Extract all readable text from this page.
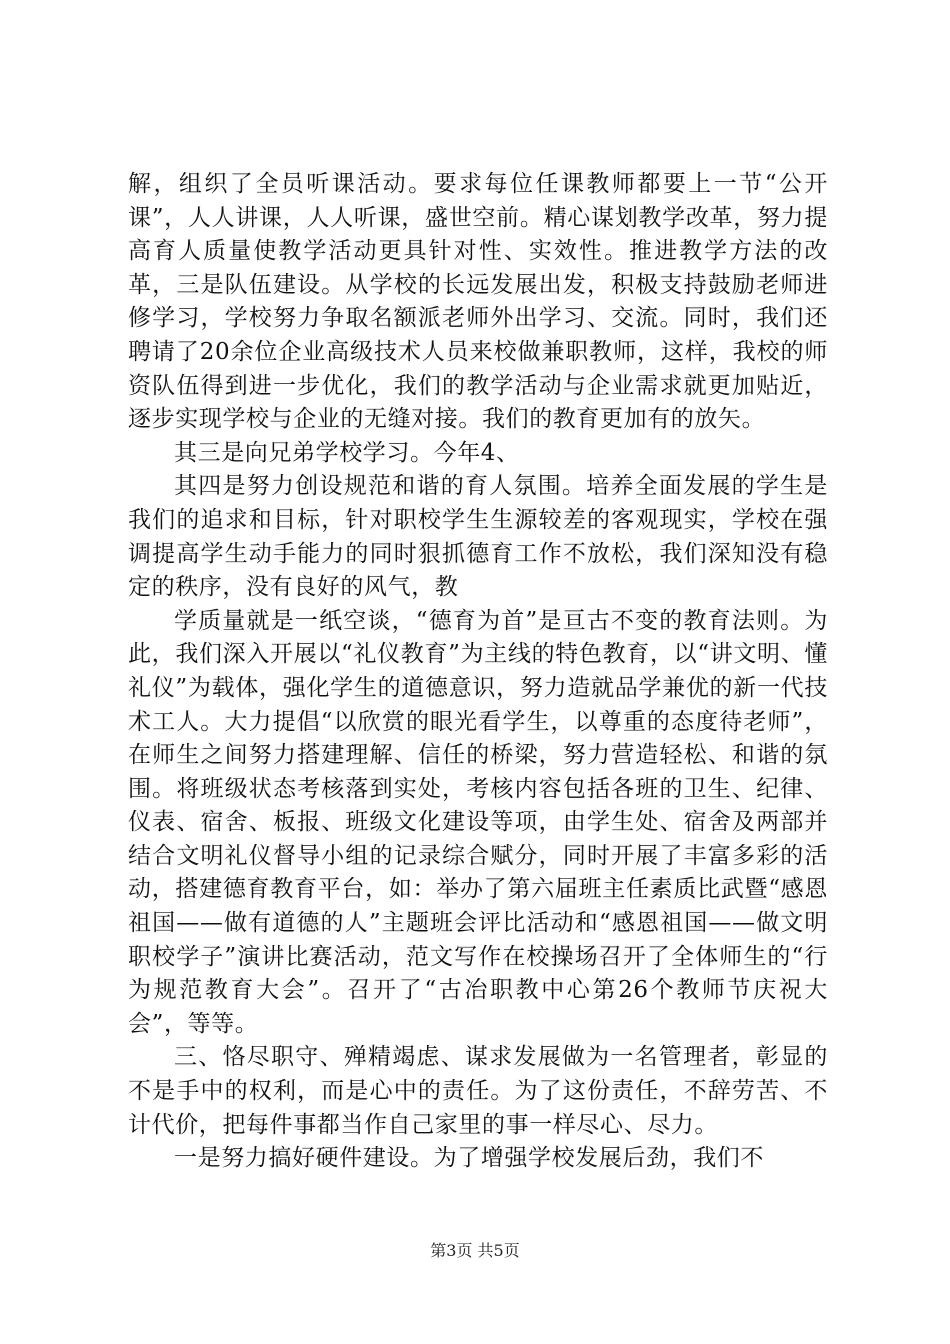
解，组织了全员听课活动。要求每位任课教师都要上一节“公开课”，人人讲课，人人听课，盛世空前。精心谋划教学改革，努力提高育人质量使教学活动更具针对性、实效性。推进教学方法的改革，三是队伍建设。从学校的长远发展出发，积极支持鼓励老师进修学习，学校努力争取名额派老师外出学习、交流。同时，我们还聘请了20余位企业高级技术人员来校做兼职教师，这样，我校的师资队伍得到进一步优化，我们的教学活动与企业需求就更加贴近，逐步实现学校与企业的无缝对接。我们的教育更加有的放矢。

其三是向兄弟学校学习。今年4、

其四是努力创设规范和谐的育人氛围。培养全面发展的学生是我们的追求和目标，针对职校学生生源较差的客观现实，学校在强调提高学生动手能力的同时狠抓德育工作不放松，我们深知没有稳定的秩序，没有良好的风气，教

学质量就是一纸空谈，“德育为首”是亘古不变的教育法则。为此，我们深入开展以“礼仪教育”为主线的特色教育，以“讲文明、懂礼仪”为载体，强化学生的道德意识，努力造就品学兼优的新一代技术工人。大力提倡“以欣赏的眼光看学生，以尊重的态度待老师”，在师生之间努力搭建理解、信任的桥梁，努力营造轻松、和谐的氛围。将班级状态考核落到实处，考核内容包括各班的卫生、纪律、仪表、宿舍、板报、班级文化建设等项，由学生处、宿舍及两部并结合文明礼仪督导小组的记录综合赋分，同时开展了丰富多彩的活动，搭建德育教育平台，如：举办了第六届班主任素质比武暨“感恩祖国——做有道德的人”主题班会评比活动和“感恩祖国——做文明职校学子”演讲比赛活动，范文写作在校操场召开了全体师生的“行为规范教育大会”。召开了“古冶职教中心第26个教师节庆祝大会”，等等。

三、恪尽职守、殚精竭虑、谋求发展做为一名管理者，彰显的不是手中的权利，而是心中的责任。为了这份责任，不辞劳苦、不计代价，把每件事都当作自己家里的事一样尽心、尽力。

一是努力搞好硬件建设。为了增强学校发展后劲，我们不

第3页 共5页
